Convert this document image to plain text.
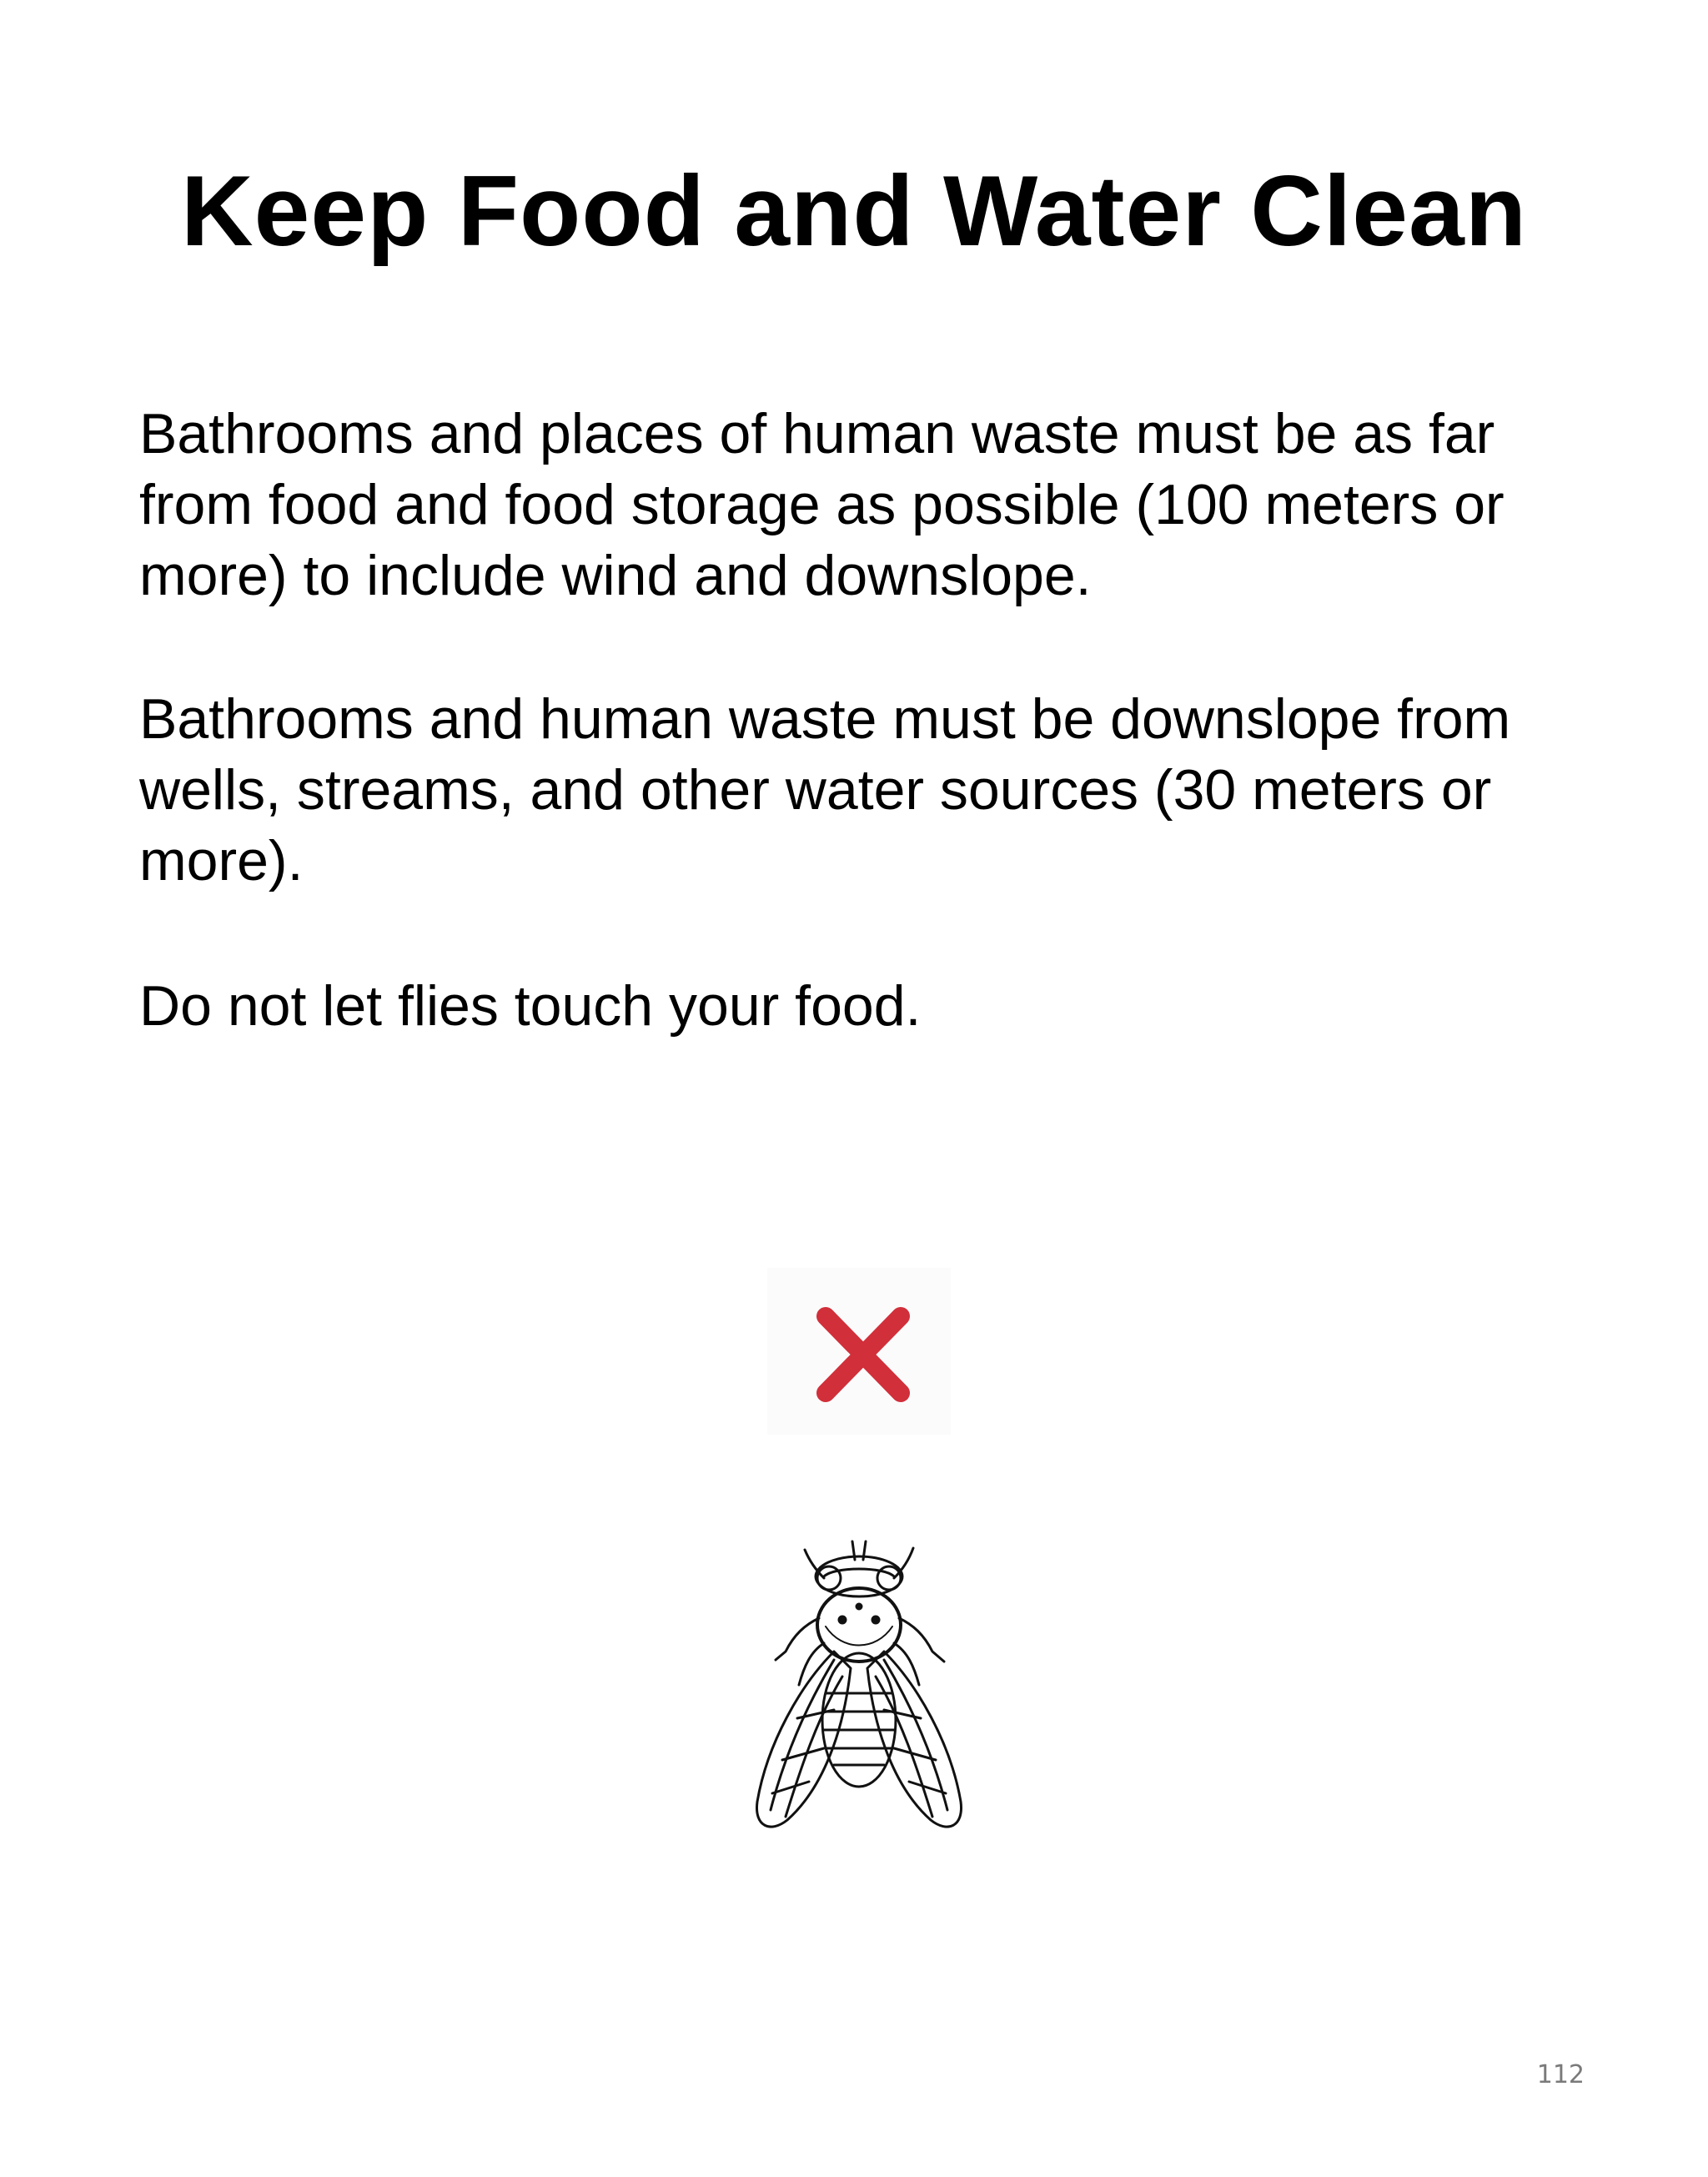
Keep Food and Water Clean

Bathrooms and places of human waste must be as far from food and food storage as possible (100 meters or more) to include wind and downslope.

Bathrooms and human waste must be downslope from wells, streams, and other water sources (30 meters or more).

Do not let flies touch your food.

112
